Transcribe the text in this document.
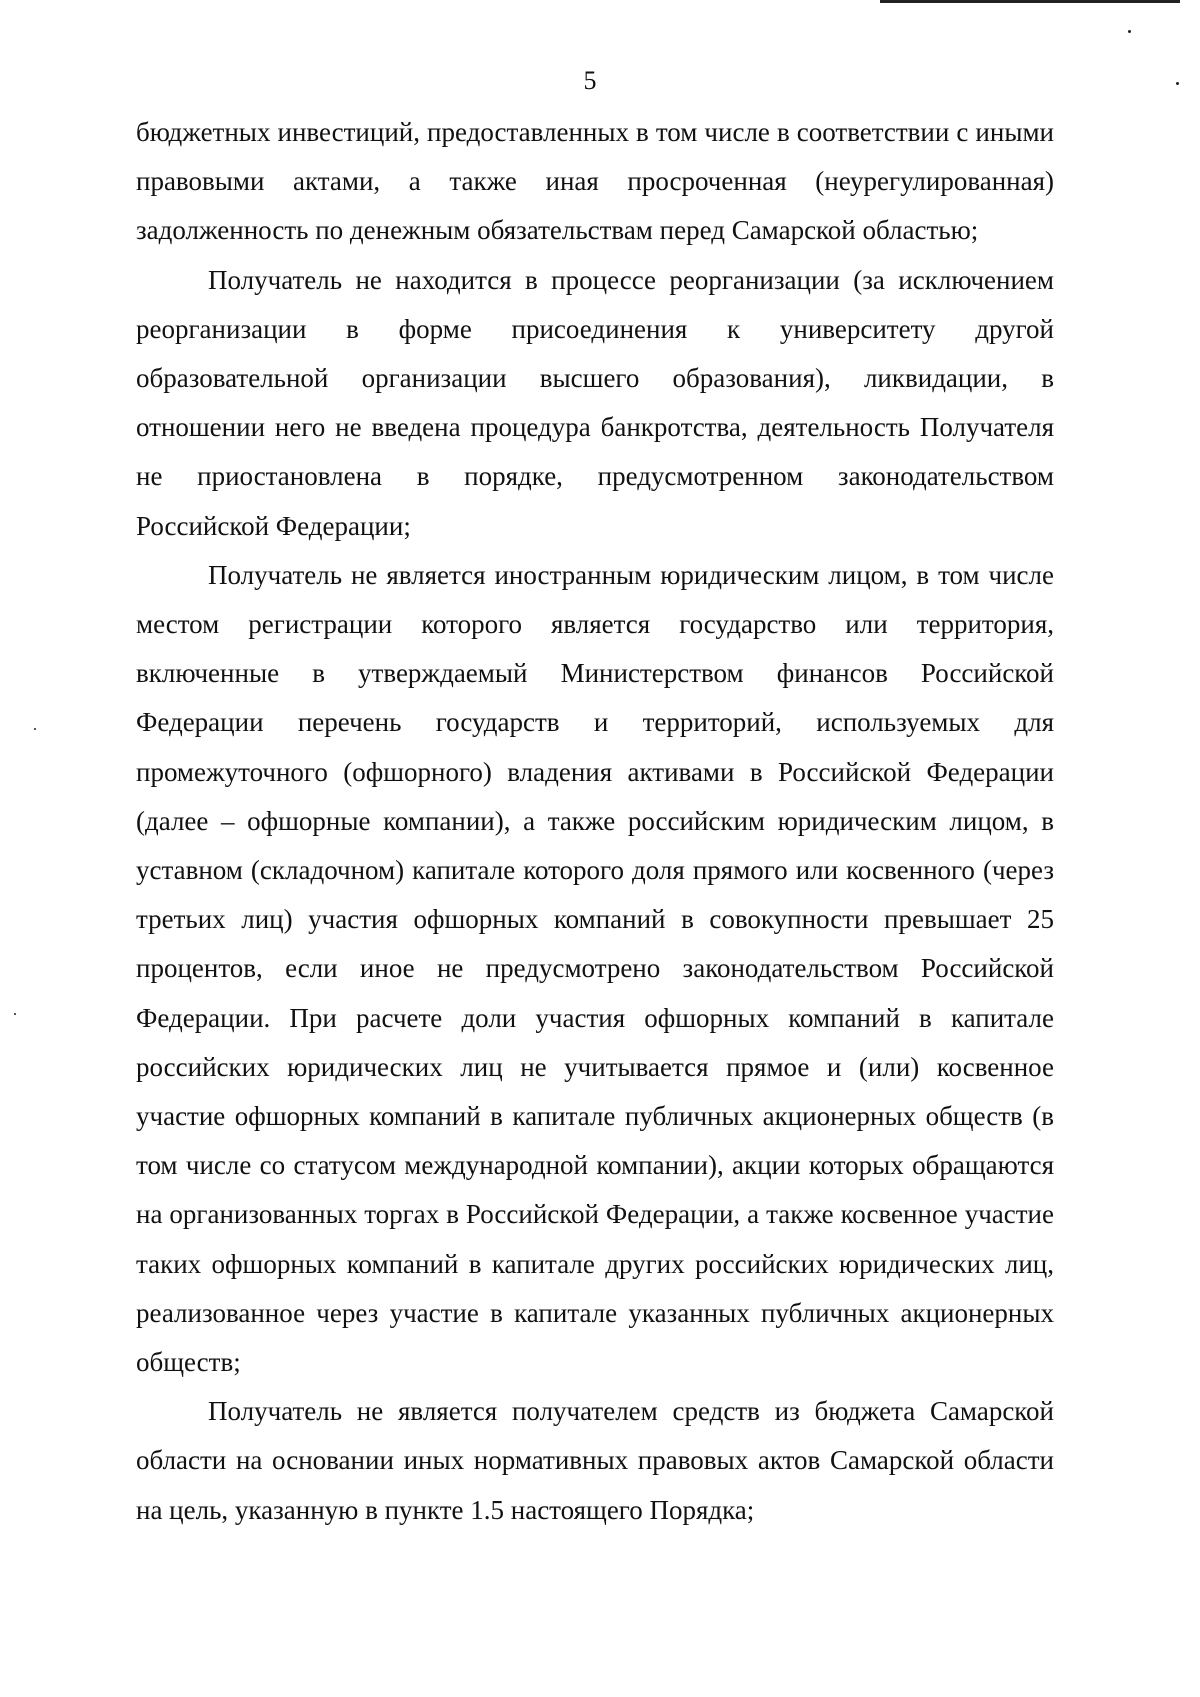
5

бюджетных инвестиций, предоставленных в том числе в соответствии с иными правовыми актами, а также иная просроченная (неурегулированная) задолженность по денежным обязательствам перед Самарской областью;

Получатель не находится в процессе реорганизации (за исключением реорганизации в форме присоединения к университету другой образовательной организации высшего образования), ликвидации, в отношении него не введена процедура банкротства, деятельность Получателя не приостановлена в порядке, предусмотренном законодательством Российской Федерации;

Получатель не является иностранным юридическим лицом, в том числе местом регистрации которого является государство или территория, включенные в утверждаемый Министерством финансов Российской Федерации перечень государств и территорий, используемых для промежуточного (офшорного) владения активами в Российской Федерации (далее – офшорные компании), а также российским юридическим лицом, в уставном (складочном) капитале которого доля прямого или косвенного (через третьих лиц) участия офшорных компаний в совокупности превышает 25 процентов, если иное не предусмотрено законодательством Российской Федерации. При расчете доли участия офшорных компаний в капитале российских юридических лиц не учитывается прямое и (или) косвенное участие офшорных компаний в капитале публичных акционерных обществ (в том числе со статусом международной компании), акции которых обращаются на организованных торгах в Российской Федерации, а также косвенное участие таких офшорных компаний в капитале других российских юридических лиц, реализованное через участие в капитале указанных публичных акционерных обществ;

Получатель не является получателем средств из бюджета Самарской области на основании иных нормативных правовых актов Самарской области на цель, указанную в пункте 1.5 настоящего Порядка;
